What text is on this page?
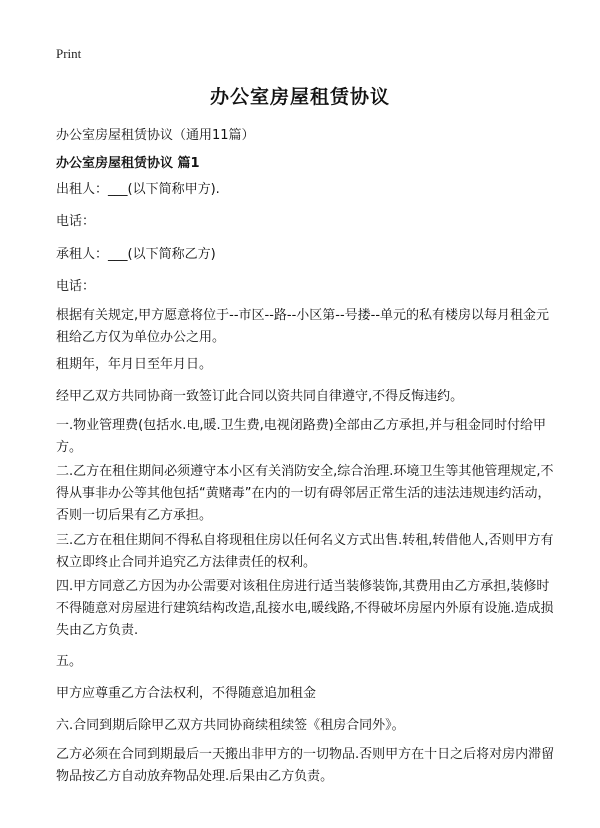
Print
办公室房屋租赁协议
办公室房屋租赁协议（通用11篇）
办公室房屋租赁协议 篇1

出租人：___(以下简称甲方).

电话：

承租人：___(以下简称乙方)

电话：

根据有关规定,甲方愿意将位于--市区--路--小区第--号搂--单元的私有楼房以每月租金元租给乙方仅为单位办公之用。

租期年，年月日至年月日。

经甲乙双方共同协商一致签订此合同以资共同自律遵守,不得反悔违约。

一.物业管理费(包括水.电,暖.卫生费,电视闭路费)全部由乙方承担,并与租金同时付给甲方。

二.乙方在租住期间必须遵守本小区有关消防安全,综合治理.环境卫生等其他管理规定,不得从事非办公等其他包括“黄赌毒”在内的一切有碍邻居正常生活的违法违规违约活动，否则一切后果有乙方承担。

三.乙方在租住期间不得私自将现租住房以任何名义方式出售.转租,转借他人,否则甲方有权立即终止合同并追究乙方法律责任的权利。

四.甲方同意乙方因为办公需要对该租住房进行适当装修装饰,其费用由乙方承担,装修时不得随意对房屋进行建筑结构改造,乱接水电,暖线路,不得破坏房屋内外原有设施.造成损失由乙方负责.

五。

甲方应尊重乙方合法权利，不得随意追加租金

六.合同到期后除甲乙双方共同协商续租续签《租房合同外》。

乙方必须在合同到期最后一天搬出非甲方的一切物品.否则甲方在十日之后将对房内滞留物品按乙方自动放弃物品处理.后果由乙方负责。
